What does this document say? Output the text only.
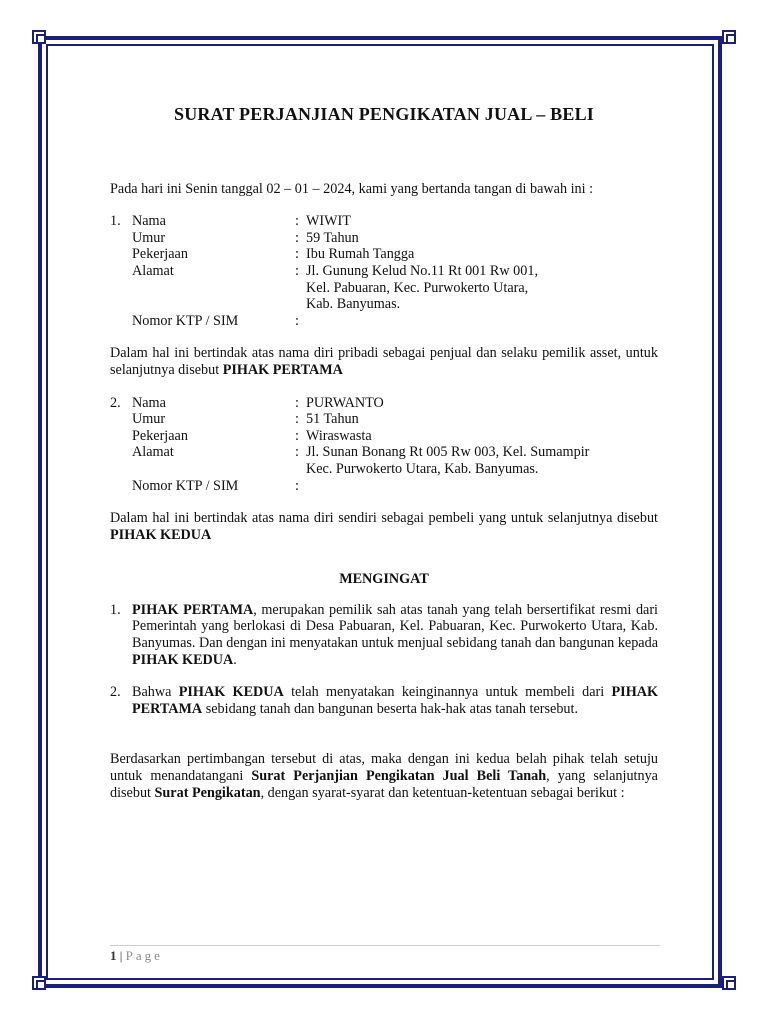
SURAT PERJANJIAN PENGIKATAN JUAL – BELI

Pada hari ini Senin tanggal 02 – 01 – 2024, kami yang bertanda tangan di bawah ini :

1. Nama	: WIWIT
Umur	: 59 Tahun
Pekerjaan	: Ibu Rumah Tangga
Alamat	: Jl. Gunung Kelud No.11 Rt 001 Rw 001,
Kel. Pabuaran, Kec. Purwokerto Utara,
Kab. Banyumas.
Nomor KTP / SIM	:

Dalam hal ini bertindak atas nama diri pribadi sebagai penjual dan selaku pemilik asset, untuk selanjutnya disebut PIHAK PERTAMA

2. Nama	: PURWANTO
Umur	: 51 Tahun
Pekerjaan	: Wiraswasta
Alamat	: Jl. Sunan Bonang Rt 005 Rw 003, Kel. Sumampir
Kec. Purwokerto Utara, Kab. Banyumas.
Nomor KTP / SIM	:

Dalam hal ini bertindak atas nama diri sendiri sebagai pembeli yang untuk selanjutnya disebut PIHAK KEDUA

MENGINGAT
1. PIHAK PERTAMA, merupakan pemilik sah atas tanah yang telah bersertifikat resmi dari Pemerintah yang berlokasi di Desa Pabuaran, Kel. Pabuaran, Kec. Purwokerto Utara, Kab. Banyumas. Dan dengan ini menyatakan untuk menjual sebidang tanah dan bangunan kepada PIHAK KEDUA.
2. Bahwa PIHAK KEDUA telah menyatakan keinginannya untuk membeli dari PIHAK PERTAMA sebidang tanah dan bangunan beserta hak-hak atas tanah tersebut.

Berdasarkan pertimbangan tersebut di atas, maka dengan ini kedua belah pihak telah setuju untuk menandatangani Surat Perjanjian Pengikatan Jual Beli Tanah, yang selanjutnya disebut Surat Pengikatan, dengan syarat-syarat dan ketentuan-ketentuan sebagai berikut :

1 | Page
